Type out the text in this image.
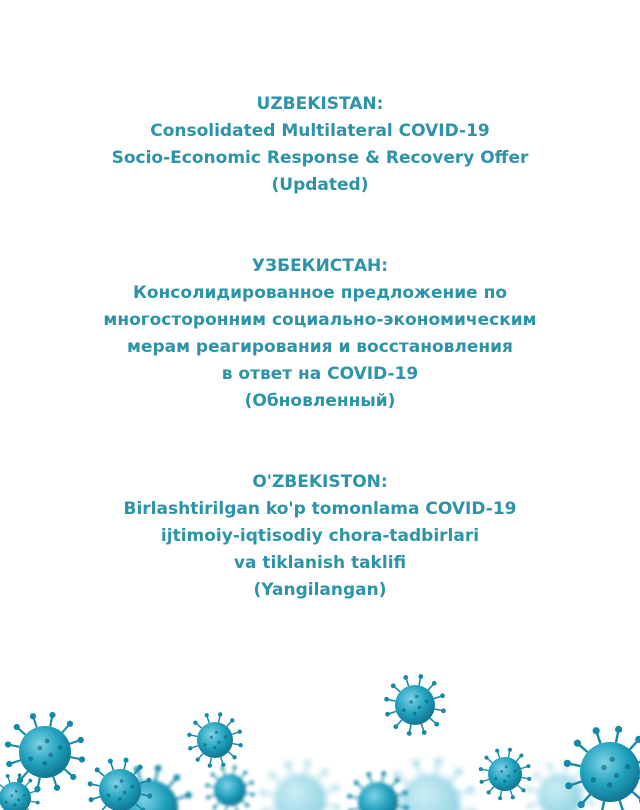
UZBEKISTAN:
Consolidated Multilateral COVID-19
Socio-Economic Response & Recovery Offer
(Updated)
УЗБЕКИСТАН:
Консолидированное предложение по
многосторонним социально-экономическим
мерам реагирования и восстановления
в ответ на COVID-19
(Обновленный)
O'ZBEKISTON:
Birlashtirilgan ko'p tomonlama COVID-19
ijtimoiy-iqtisodiy chora-tadbirlari
va tiklanish taklifi
(Yangilangan)
